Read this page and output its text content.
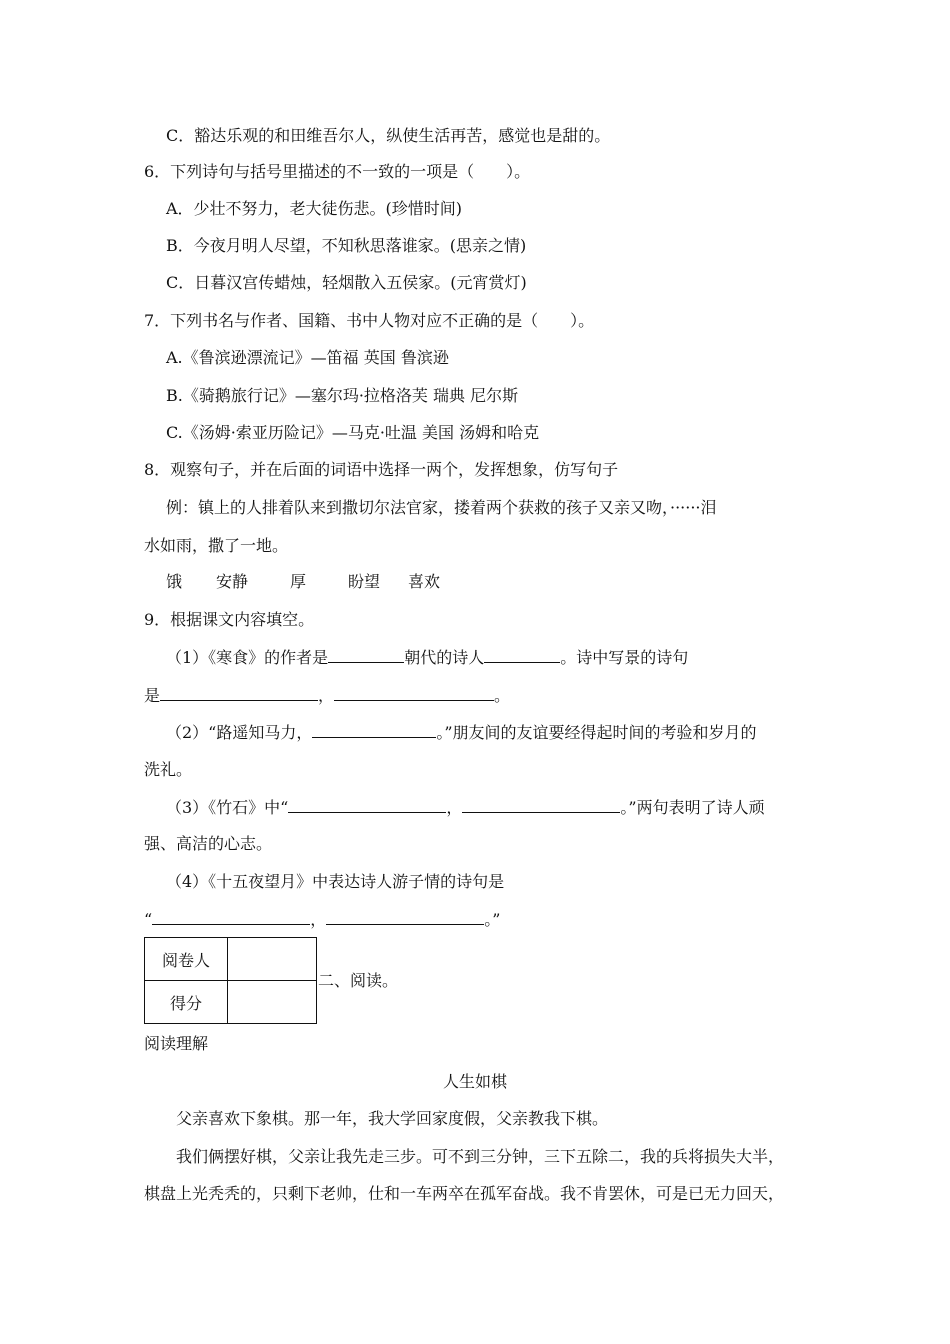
C．豁达乐观的和田维吾尔人，纵使生活再苦，感觉也是甜的。
6．下列诗句与括号里描述的不一致的一项是（　　）。
A．少壮不努力，老大徒伤悲。(珍惜时间)
B．今夜月明人尽望，不知秋思落谁家。(思亲之情)
C．日暮汉宫传蜡烛，轻烟散入五侯家。(元宵赏灯)
7．下列书名与作者、国籍、书中人物对应不正确的是（　　）。
A.《鲁滨逊漂流记》—笛福 英国 鲁滨逊
B.《骑鹅旅行记》—塞尔玛·拉格洛芙 瑞典 尼尔斯
C.《汤姆·索亚历险记》—马克·吐温 美国 汤姆和哈克
8．观察句子，并在后面的词语中选择一两个，发挥想象，仿写句子
例：镇上的人排着队来到撒切尔法官家，搂着两个获救的孩子又亲又吻，······泪
水如雨，撒了一地。
饿 安静	厚	盼望 喜欢
9．根据课文内容填空。
（1）《寒食》的作者是	朝代的诗人	。诗中写景的诗句
是	，	。
（2）“路遥知马力，	。”朋友间的友谊要经得起时间的考验和岁月的
洗礼。
（3）《竹石》中“	，	。”两句表明了诗人顽
强、高洁的心志。
（4）《十五夜望月》中表达诗人游子情的诗句是
“	，	。”
阅卷人	
得分	
二、阅读。
阅读理解
人生如棋
父亲喜欢下象棋。那一年，我大学回家度假，父亲教我下棋。
我们俩摆好棋，父亲让我先走三步。可不到三分钟，三下五除二，我的兵将损失大半，
棋盘上光秃秃的，只剩下老帅，仕和一车两卒在孤军奋战。我不肯罢休，可是已无力回天，
